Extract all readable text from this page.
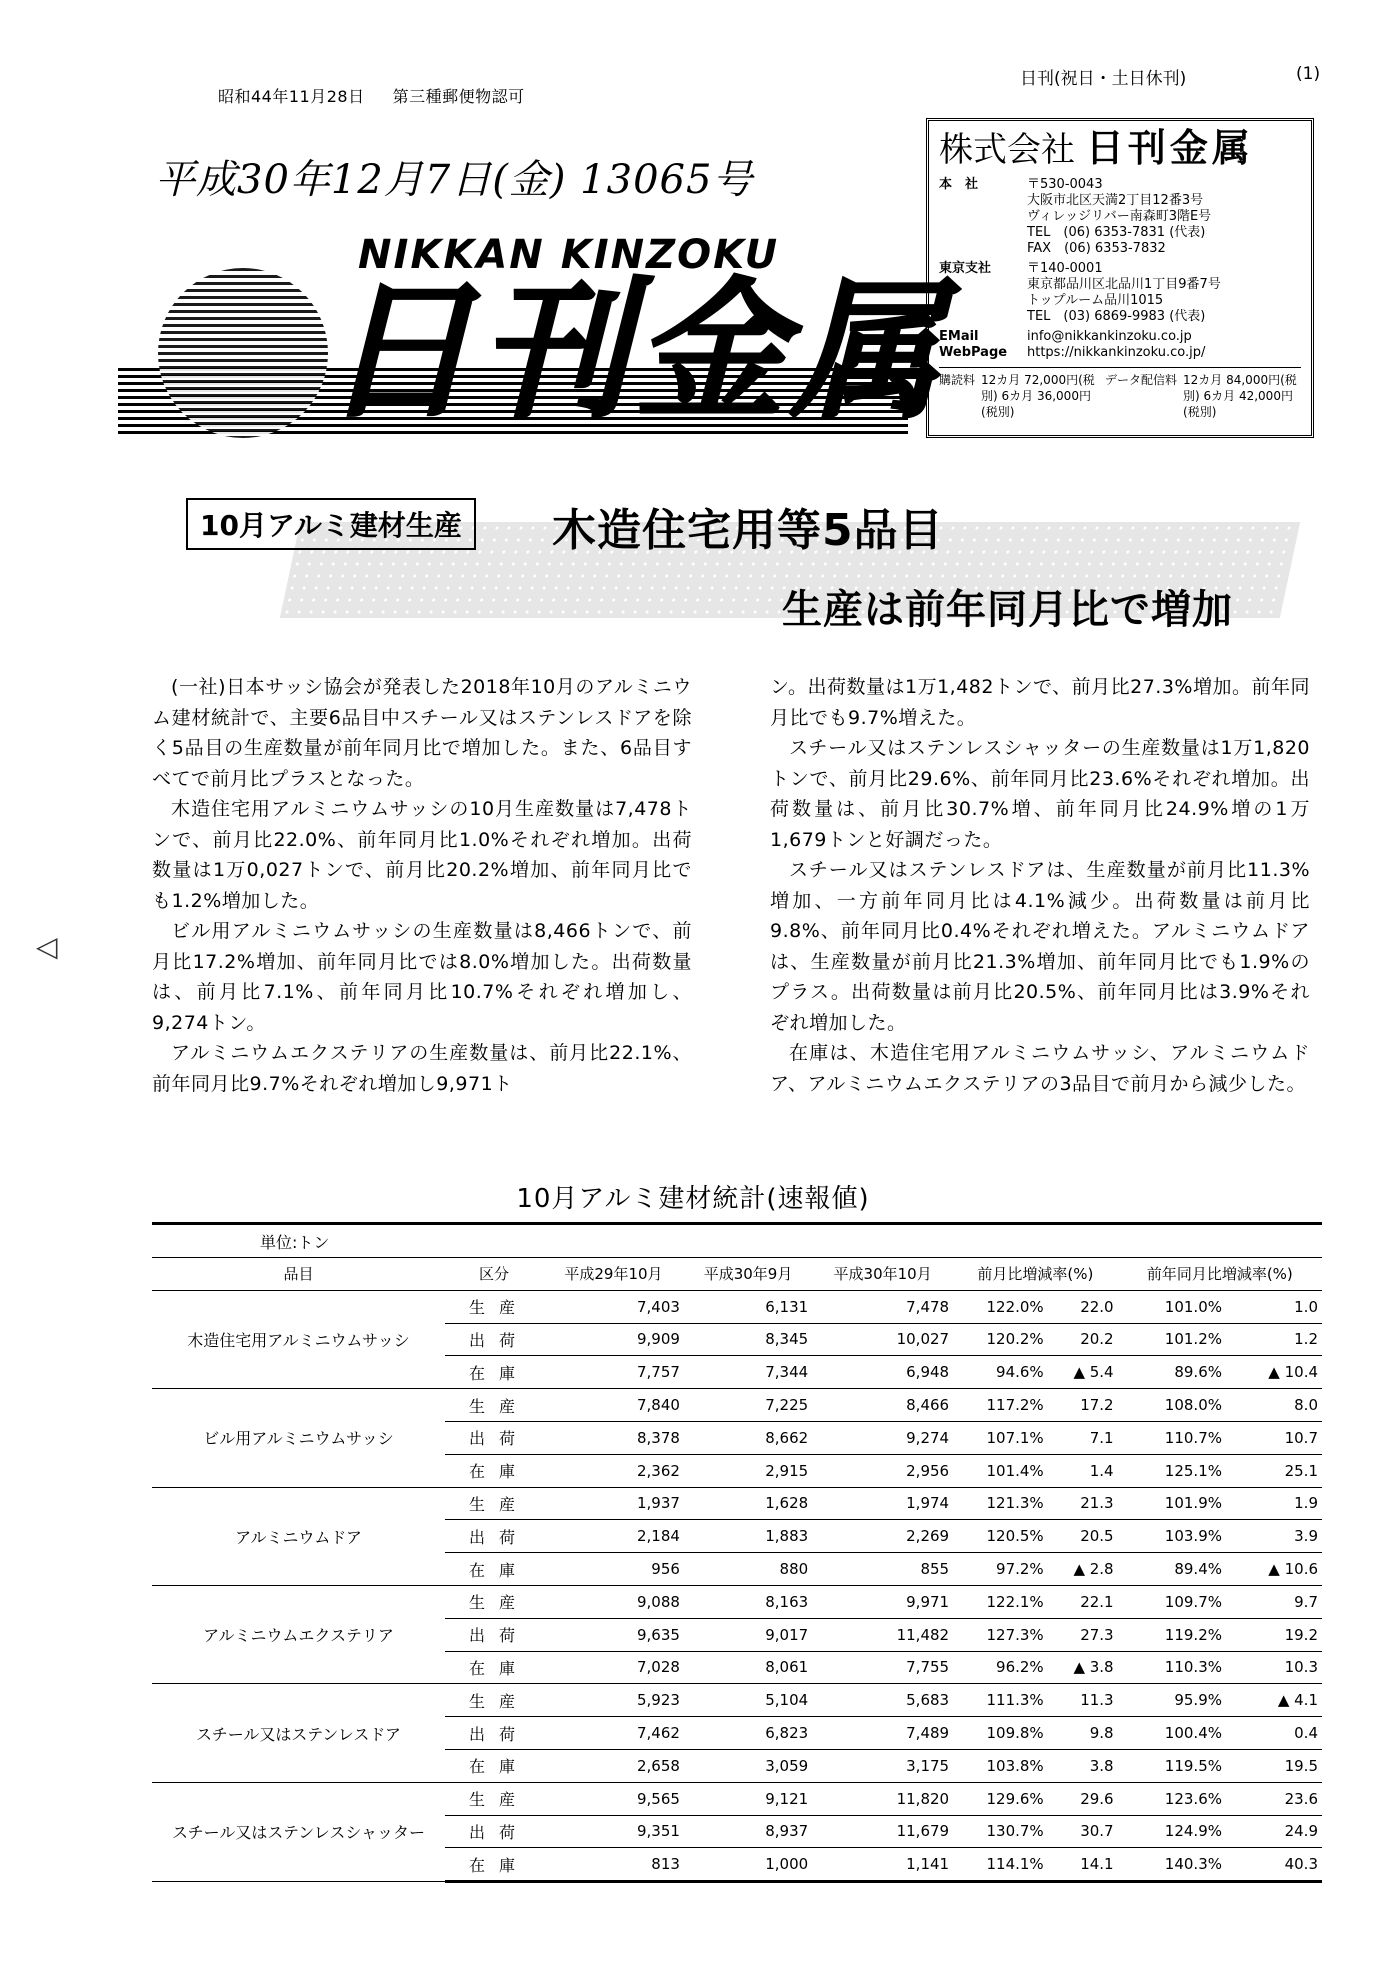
昭和44年11月28日 第三種郵便物認可
日刊(祝日・土日休刊)	(1)
平成30年12月7日(金) 13065号
NIKKAN KINZOKU
日刊金属
株式会社 日刊金属
本　社	〒530-0043
大阪市北区天満2丁目12番3号
ヴィレッジリバー南森町3階E号
TEL　(06) 6353-7831 (代表)
FAX　(06) 6353-7832
東京支社	〒140-0001
東京都品川区北品川1丁目9番7号
トップルーム品川1015
TEL　(03) 6869-9983 (代表)
EMail	info@nikkankinzoku.co.jp
WebPage	https://nikkankinzoku.co.jp/
購読料 12カ月 72,000円(税別) 6カ月 36,000円(税別)
データ配信料 12カ月 84,000円(税別) 6カ月 42,000円(税別)
10月アルミ建材生産	木造住宅用等5品目
生産は前年同月比で増加
◁

(一社)日本サッシ協会が発表した2018年10月のアルミニウム建材統計で、主要6品目中スチール又はステンレスドアを除く5品目の生産数量が前年同月比で増加した。また、6品目すべてで前月比プラスとなった。

木造住宅用アルミニウムサッシの10月生産数量は7,478トンで、前月比22.0%、前年同月比1.0%それぞれ増加。出荷数量は1万0,027トンで、前月比20.2%増加、前年同月比でも1.2%増加した。

ビル用アルミニウムサッシの生産数量は8,466トンで、前月比17.2%増加、前年同月比では8.0%増加した。出荷数量は、前月比7.1%、前年同月比10.7%それぞれ増加し、9,274トン。

アルミニウムエクステリアの生産数量は、前月比22.1%、前年同月比9.7%それぞれ増加し9,971ト

ン。出荷数量は1万1,482トンで、前月比27.3%増加。前年同月比でも9.7%増えた。

スチール又はステンレスシャッターの生産数量は1万1,820トンで、前月比29.6%、前年同月比23.6%それぞれ増加。出荷数量は、前月比30.7%増、前年同月比24.9%増の1万1,679トンと好調だった。

スチール又はステンレスドアは、生産数量が前月比11.3%増加、一方前年同月比は4.1%減少。出荷数量は前月比9.8%、前年同月比0.4%それぞれ増えた。アルミニウムドアは、生産数量が前月比21.3%増加、前年同月比でも1.9%のプラス。出荷数量は前月比20.5%、前年同月比は3.9%それぞれ増加した。

在庫は、木造住宅用アルミニウムサッシ、アルミニウムドア、アルミニウムエクステリアの3品目で前月から減少した。

10月アルミ建材統計(速報値)
単位:トン								
品目	区分	平成29年10月	平成30年9月	平成30年10月	前月比増減率(%)		前年同月比増減率(%)	
木造住宅用アルミニウムサッシ	生産	7,403	6,131	7,478	122.0%	22.0	101.0%	1.0
	出荷	9,909	8,345	10,027	120.2%	20.2	101.2%	1.2
	在庫	7,757	7,344	6,948	94.6%	▲ 5.4	89.6%	▲ 10.4
ビル用アルミニウムサッシ	生産	7,840	7,225	8,466	117.2%	17.2	108.0%	8.0
	出荷	8,378	8,662	9,274	107.1%	7.1	110.7%	10.7
	在庫	2,362	2,915	2,956	101.4%	1.4	125.1%	25.1
アルミニウムドア	生産	1,937	1,628	1,974	121.3%	21.3	101.9%	1.9
	出荷	2,184	1,883	2,269	120.5%	20.5	103.9%	3.9
	在庫	956	880	855	97.2%	▲ 2.8	89.4%	▲ 10.6
アルミニウムエクステリア	生産	9,088	8,163	9,971	122.1%	22.1	109.7%	9.7
	出荷	9,635	9,017	11,482	127.3%	27.3	119.2%	19.2
	在庫	7,028	8,061	7,755	96.2%	▲ 3.8	110.3%	10.3
スチール又はステンレスドア	生産	5,923	5,104	5,683	111.3%	11.3	95.9%	▲ 4.1
	出荷	7,462	6,823	7,489	109.8%	9.8	100.4%	0.4
	在庫	2,658	3,059	3,175	103.8%	3.8	119.5%	19.5
スチール又はステンレスシャッター	生産	9,565	9,121	11,820	129.6%	29.6	123.6%	23.6
	出荷	9,351	8,937	11,679	130.7%	30.7	124.9%	24.9
	在庫	813	1,000	1,141	114.1%	14.1	140.3%	40.3
